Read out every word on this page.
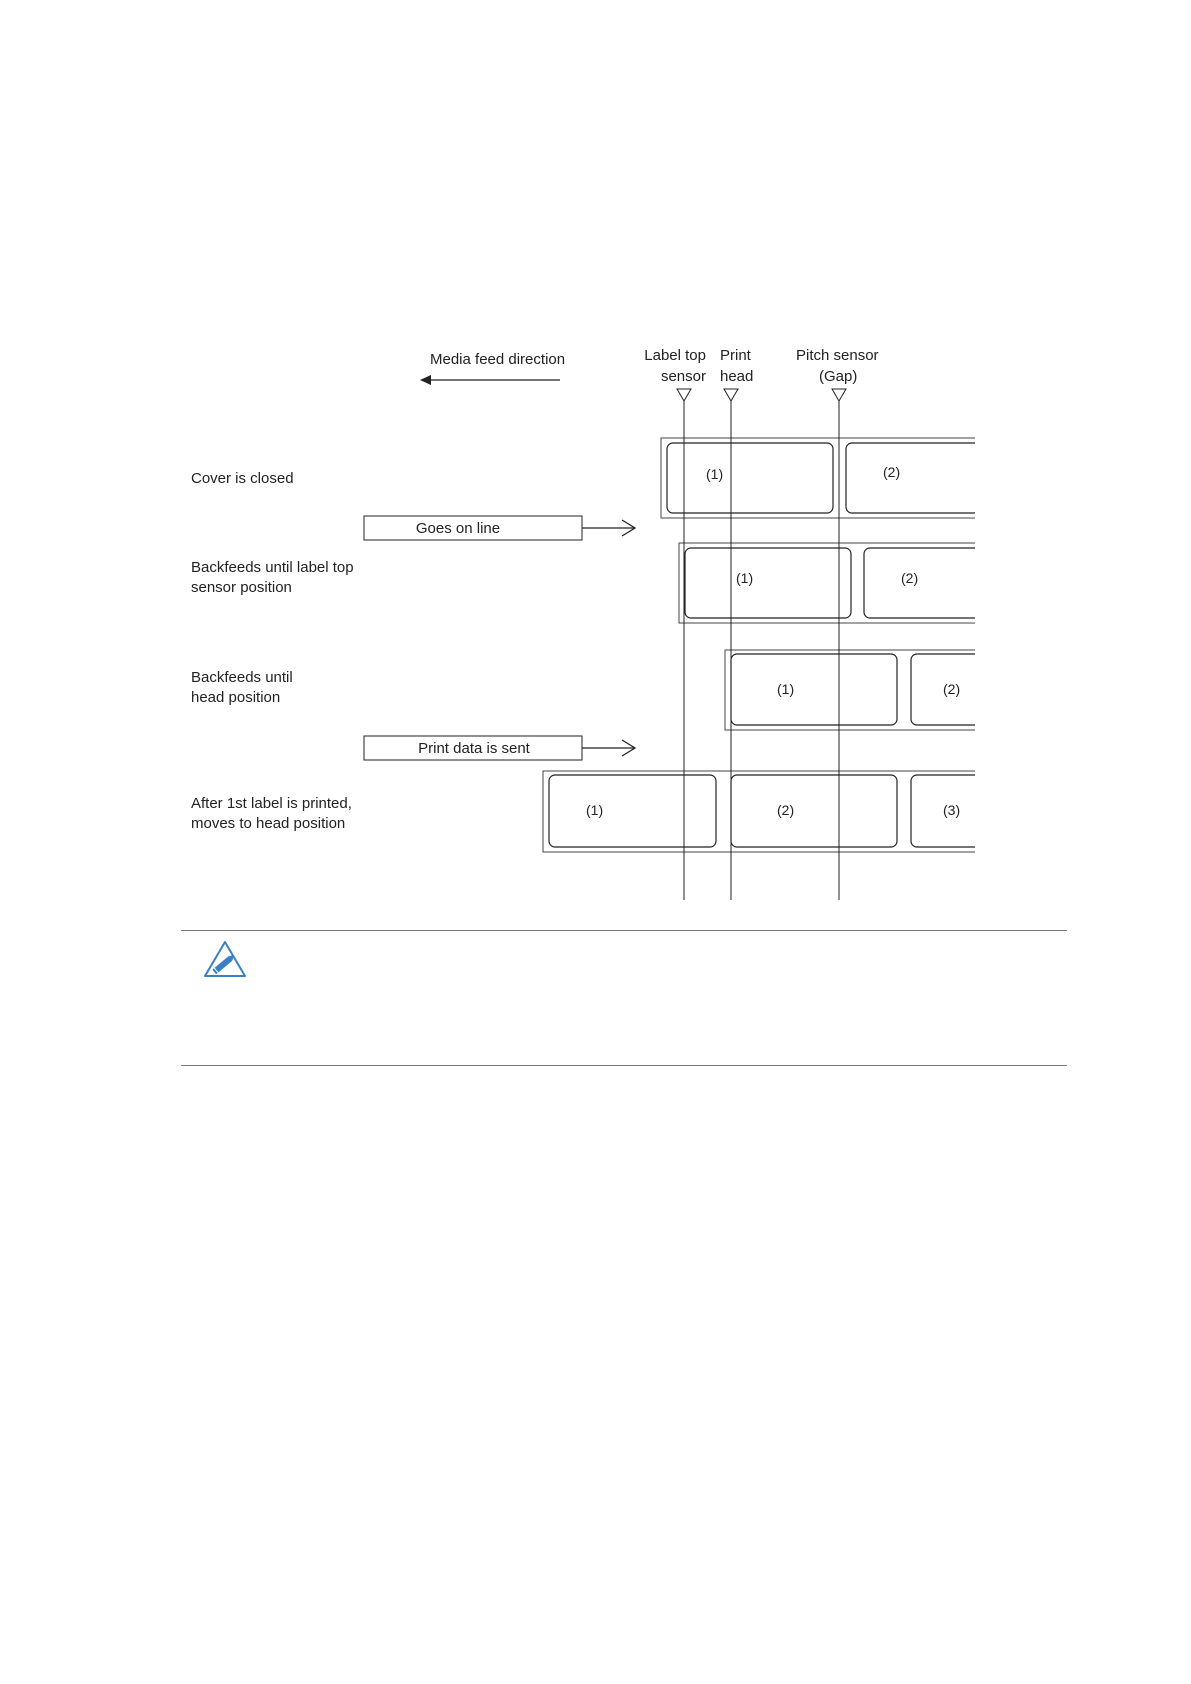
Media feed direction	Label top
sensor
Print
head
Pitch sensor
(Gap)
Cover is closed
Backfeeds until label top
sensor position
Backfeeds until
head position
After 1st label is printed,
moves to head position
Goes on line
Print data is sent
(1)	(2)
(1)	(2)
(1)	(2)
(1)	(2)	(3)
